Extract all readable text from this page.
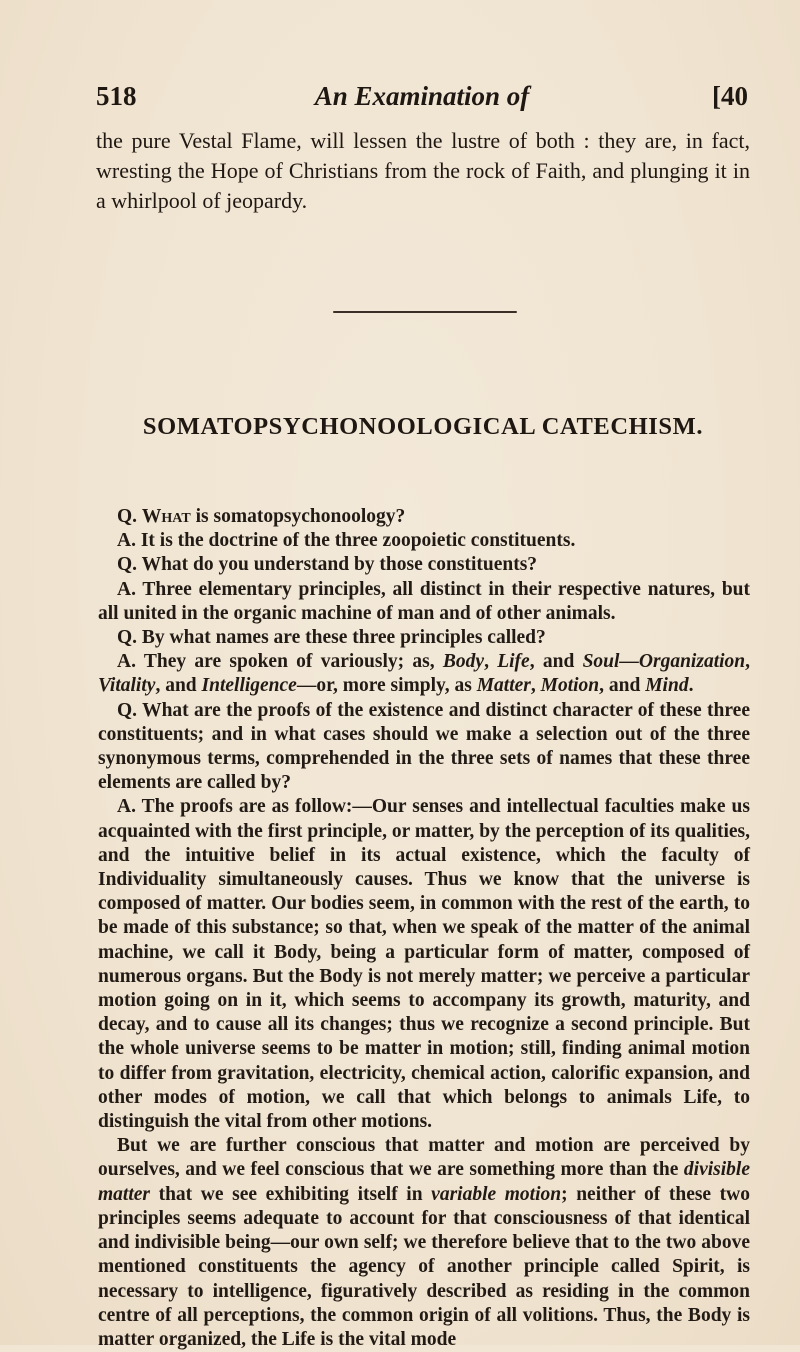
518	An Examination of	[40
the pure Vestal Flame, will lessen the lustre of both : they are, in fact, wresting the Hope of Christians from the rock of Faith, and plunging it in a whirlpool of jeopardy.
SOMATOPSYCHONOOLOGICAL CATECHISM.

Q. What is somatopsychonoology?

A. It is the doctrine of the three zoopoietic constituents.

Q. What do you understand by those constituents?

A. Three elementary principles, all distinct in their respective natures, but all united in the organic machine of man and of other animals.

Q. By what names are these three principles called?

A. They are spoken of variously; as, Body, Life, and Soul—Organization, Vitality, and Intelligence—or, more simply, as Matter, Motion, and Mind.

Q. What are the proofs of the existence and distinct character of these three constituents; and in what cases should we make a selection out of the three synonymous terms, comprehended in the three sets of names that these three elements are called by?

A. The proofs are as follow:—Our senses and intellectual faculties make us acquainted with the first principle, or matter, by the perception of its qualities, and the intuitive belief in its actual existence, which the faculty of Individuality simultaneously causes. Thus we know that the universe is composed of matter. Our bodies seem, in common with the rest of the earth, to be made of this substance; so that, when we speak of the matter of the animal machine, we call it Body, being a particular form of matter, composed of numerous organs. But the Body is not merely matter; we perceive a particular motion going on in it, which seems to accompany its growth, maturity, and decay, and to cause all its changes; thus we recognize a second principle. But the whole universe seems to be matter in motion; still, finding animal motion to differ from gravitation, electricity, chemical action, calorific expansion, and other modes of motion, we call that which belongs to animals Life, to distinguish the vital from other motions.

But we are further conscious that matter and motion are perceived by ourselves, and we feel conscious that we are something more than the divisible matter that we see exhibiting itself in variable motion; neither of these two principles seems adequate to account for that consciousness of that identical and indivisible being—our own self; we therefore believe that to the two above mentioned constituents the agency of another principle called Spirit, is necessary to intelligence, figuratively described as residing in the common centre of all perceptions, the common origin of all volitions. Thus, the Body is matter organized, the Life is the vital mode
